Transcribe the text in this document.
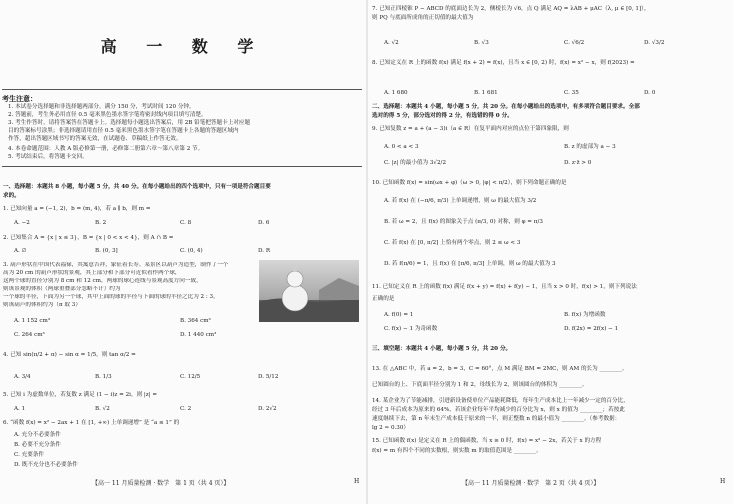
高 一 数 学
考生注意：
1. 本试卷分选择题和非选择题两部分。满分 150 分，考试时间 120 分钟。
2. 答题前，考生务必用直径 0.5 毫米黑色墨水签字笔将密封线内项目填写清楚。
3. 考生作答时，请将答案答在答题卡上。选择题每小题选出答案后，用 2B 铅笔把答题卡上对应题
目的答案标号涂黑；非选择题请用直径 0.5 毫米黑色墨水签字笔在答题卡上各题的答题区域内
作答，超出答题区域书写的答案无效，在试题卷、草稿纸上作答无效。
4. 本卷命题范围：人教 A 版必修第一册，必修第二册第六章～第八章第 2 节。
5. 考试结束后，将答题卡交回。
一、选择题：本题共 8 小题，每小题 5 分，共 40 分。在每小题给出的四个选项中，只有一项是符合题目要
求的。
1. 已知向量 a = (−1, 2)，b = (m, 4)，若 a ∥ b，则 m =
A. −2	B. 2	C. 8	D. 6
2. 已知集合 A = {x | x ≤ 3}，B = {x | 0 < x < 4}，则 A ∩ B =
A. ∅	B. (0, 3]	C. (0, 4)	D. R
3. 葫芦形状在中国代表福禄，其寓意吉祥，象征着长寿。某景区以葫芦为造型，制作了一个
高为 20 cm 的葫芦形状的景观，其上部分和下部分可近似看作两个球，
这两个球的直径分别为 8 cm 和 12 cm，两球的球心连线与景观高度方向一致，
则该景观的体积（两球重叠部分忽略不计）约为
一个球的半径，下面为另一个球，其中上面的球的半径与下面的球的半径之比为 2 : 3，
则该葫芦的体积约为（π 取 3）
A. 1 152 cm³	B. 364 cm³
C. 264 cm³	D. 1 440 cm³
4. 已知 sin(π/2 + α) − sin α = 1/5，则 tan α/2 =
A. 3/4	B. 1/3	C. 12/5	D. 5/12
5. 已知 i 为虚数单位，若复数 z 满足 (1 − i)z = 2i，则 |z| =
A. 1	B. √2	C. 2	D. 2√2
6. “函数 f(x) = x² − 2ax + 1 在 [1, +∞) 上单调递增” 是 “a ≤ 1” 的
A. 充分不必要条件
B. 必要不充分条件
C. 充要条件
D. 既不充分也不必要条件
【高一 11 月质量检测 · 数学　第 1 页（共 4 页）】	H
7. 已知正四棱锥 P − ABCD 的底面边长为 2，侧棱长为 √6，点 Q 满足 AQ = λAB + μAC（λ, μ ∈ [0, 1]），
则 PQ 与底面所成角的正切值的最大值为
A. √2	B. √3	C. √6/2	D. √3/2
8. 已知定义在 R 上的函数 f(x) 满足 f(x + 2) = f(x)，且当 x ∈ [0, 2) 时，f(x) = x² − x，则 f(2023) =
A. 1 680	B. 1 681	C. 35	D. 0
二、选择题：本题共 4 小题，每小题 5 分，共 20 分。在每小题给出的选项中，有多项符合题目要求。全部
选对的得 5 分，部分选对的得 2 分，有选错的得 0 分。
9. 已知复数 z = a + (a − 3)i（a ∈ R）在复平面内对应的点位于第四象限，则
A. 0 < a < 3	B. z 的虚部为 a − 3
C. |z| 的最小值为 3√2/2	D. z·z̄ > 0
10. 已知函数 f(x) = sin(ωx + φ)（ω > 0, |φ| < π/2），则下列命题正确的是
A. 若 f(x) 在 (−π/6, π/3) 上单调递增，则 ω 的最大值为 3/2
B. 若 ω = 2，且 f(x) 的图象关于点 (π/3, 0) 对称，则 φ = π/3
C. 若 f(x) 在 [0, π/2] 上恰有两个零点，则 2 ≤ ω < 3
D. 若 f(π/6) = 1，且 f(x) 在 [π/6, π/3] 上单调，则 ω 的最大值为 3
11. 已知定义在 R 上的函数 f(x) 满足 f(x + y) = f(x) + f(y) − 1，且当 x > 0 时，f(x) > 1，则下列说法
正确的是
A. f(0) = 1	B. f(x) 为增函数
C. f(x) − 1 为奇函数	D. f(2x) = 2f(x) − 1
三、填空题：本题共 4 小题，每小题 5 分，共 20 分。
13. 在 △ABC 中，若 a = 2，b = 3，C = 60°，点 M 满足 BM = 2MC，则 AM 的长为 ________。
已知圆台的上、下底面半径分别为 1 和 2，母线长为 2，则该圆台的体积为 ________。
14. 某企业为了节能减排，引进新设备使单位产品能耗降低，每年生产成本比上一年减少一定的百分比，
经过 3 年后成本为原来的 64%，若该企业每年平均减少的百分比为 x，则 x 的值为 ________；若按此
速度继续下去，第 n 年末生产成本低于原来的一半，则正整数 n 的最小值为 ________。（参考数据：
lg 2 ≈ 0.30）
15. 已知函数 f(x) 是定义在 R 上的偶函数，当 x ≥ 0 时，f(x) = x² − 2x，若关于 x 的方程
f(x) = m 有四个不同的实数根，则实数 m 的取值范围是 ________。
【高一 11 月质量检测 · 数学　第 2 页（共 4 页）】	H
